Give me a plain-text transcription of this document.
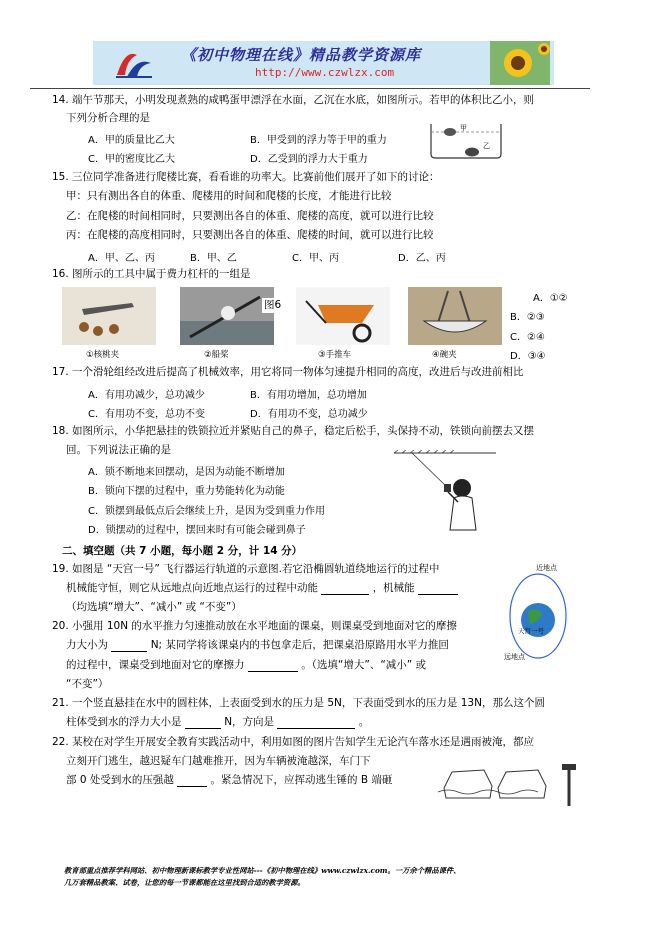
《初中物理在线》精品教学资源库
http://www.czwlzx.com
14. 端午节那天，小明发现煮熟的咸鸭蛋甲漂浮在水面，乙沉在水底，如图所示。若甲的体积比乙小，则
下列分析合理的是
A．甲的质量比乙大	B．甲受到的浮力等于甲的重力
C．甲的密度比乙大	D．乙受到的浮力大于重力
甲
乙
15. 三位同学准备进行爬楼比赛，看看谁的功率大。比赛前他们展开了如下的讨论：
甲：只有测出各自的体重、爬楼用的时间和爬楼的长度，才能进行比较
乙：在爬楼的时间相同时，只要测出各自的体重、爬楼的高度，就可以进行比较
丙：在爬楼的高度相同时，只要测出各自的体重、爬楼的时间，就可以进行比较
A．甲、乙、丙	B．甲、乙	C．甲、丙	D．乙、丙
16. 图所示的工具中属于费力杠杆的一组是
①核桃夹	②船桨
图6
③手推车	④碗夹
A．①②
B．②③
C．②④
D．③④
17. 一个滑轮组经改进后提高了机械效率，用它将同一物体匀速提升相同的高度，改进后与改进前相比
A．有用功减少，总功减少	B．有用功增加，总功增加
C．有用功不变，总功不变	D．有用功不变，总功减少
18. 如图所示，小华把悬挂的铁锁拉近并紧贴自己的鼻子，稳定后松手，头保持不动，铁锁向前摆去又摆
回。下列说法正确的是
A．锁不断地来回摆动，是因为动能不断增加
B．锁向下摆的过程中，重力势能转化为动能
C．锁摆到最低点后会继续上升，是因为受到重力作用
D．锁摆动的过程中，摆回来时有可能会碰到鼻子
二、填空题（共 7 小题，每小题 2 分，计 14 分）
19. 如图是 “天宫一号” 飞行器运行轨道的示意图.若它沿椭圆轨道绕地运行的过程中
机械能守恒，则它从远地点向近地点运行的过程中动能	，机械能
（均选填“增大”、“减小” 或 “不变”）
近地点
远地点
天宫一号
20. 小强用 10N 的水平推力匀速推动放在水平地面的课桌，则课桌受到地面对它的摩擦
力大小为	N; 某同学将该课桌内的书包拿走后，把课桌沿原路用水平力推回
的过程中，课桌受到地面对它的摩擦力	。（选填“增大”、“减小” 或
“不变”）
21. 一个竖直悬挂在水中的圆柱体，上表面受到水的压力是 5N，下表面受到水的压力是 13N，那么这个圆
柱体受到水的浮力大小是	N，方向是	。
22. 某校在对学生开展安全教育实践活动中，利用如图的图片告知学生无论汽车落水还是遇雨被淹，都应
立刻开门逃生，越迟疑车门越难推开，因为车辆被淹越深，车门下
部 0 处受到水的压强越	。紧急情况下，应挥动逃生锤的 B 端砸
教育部重点推荐学科网站、初中物理新课标教学专业性网站---《初中物理在线》www.czwlzx.com。一万余个精品课件、
几万套精品教案、试卷，让您的每一节课都能在这里找到合适的教学资源。
